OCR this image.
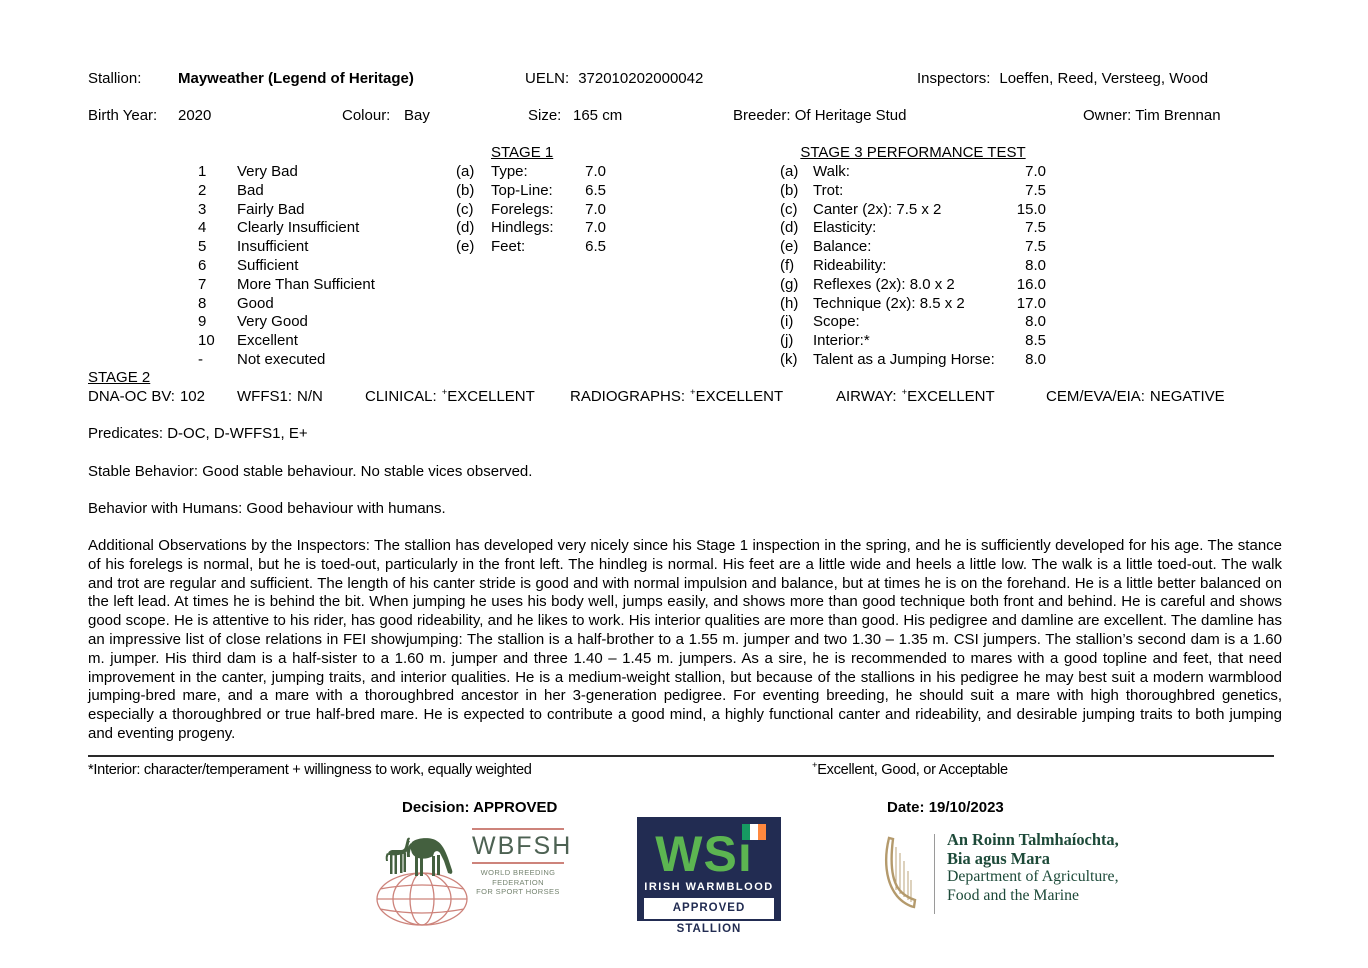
Stallion: Mayweather (Legend of Heritage)	UELN: 372010202000042	Inspectors: Loeffen, Reed, Versteeg, Wood
Birth Year: 2020	Colour: Bay	Size: 165 cm	Breeder: Of Heritage Stud	Owner: Tim Brennan
1	Very Bad
2	Bad
3	Fairly Bad
4	Clearly Insufficient
5	Insufficient
6	Sufficient
7	More Than Sufficient
8	Good
9	Very Good
10	Excellent
-	Not executed
STAGE 1
(a)	Type:	7.0
(b)	Top-Line:	6.5
(c)	Forelegs:	7.0
(d)	Hindlegs:	7.0
(e)	Feet:	6.5
STAGE 3 PERFORMANCE TEST
(a) Walk:	7.0
(b) Trot:	7.5
(c)	Canter (2x): 7.5 x 2	15.0
(d) Elasticity:	7.5
(e) Balance:	7.5
(f)	Rideability:	8.0
(g) Reflexes (2x): 8.0 x 2	16.0
(h) Technique (2x): 8.5 x 2	17.0
(i)	Scope:	8.0
(j)	Interior:*	8.5
(k)	Talent as a Jumping Horse:	8.0
STAGE 2
DNA-OC BV: 102 WFFS1: N/N	CLINICAL: +EXCELLENT RADIOGRAPHS: +EXCELLENT	AIRWAY: +EXCELLENT	CEM/EVA/EIA: NEGATIVE
Predicates: D-OC, D-WFFS1, E+
Stable Behavior: Good stable behaviour. No stable vices observed.
Behavior with Humans: Good behaviour with humans.
Additional Observations by the Inspectors: The stallion has developed very nicely since his Stage 1 inspection in the spring, and he is sufficiently developed for his age. The stance of his forelegs is normal, but he is toed-out, particularly in the front left. The hindleg is normal. His feet are a little wide and heels a little low. The walk is a little toed-out. The walk and trot are regular and sufficient. The length of his canter stride is good and with normal impulsion and balance, but at times he is on the forehand. He is a little better balanced on the left lead. At times he is behind the bit. When jumping he uses his body well, jumps easily, and shows more than good technique both front and behind. He is careful and shows good scope. He is attentive to his rider, has good rideability, and he likes to work. His interior qualities are more than good. His pedigree and damline are excellent. The damline has an impressive list of close relations in FEI showjumping: The stallion is a half-brother to a 1.55 m. jumper and two 1.30 – 1.35 m. CSI jumpers. The stallion’s second dam is a 1.60 m. jumper. His third dam is a half-sister to a 1.60 m. jumper and three 1.40 – 1.45 m. jumpers. As a sire, he is recommended to mares with a good topline and feet, that need improvement in the canter, jumping traits, and interior qualities. He is a medium-weight stallion, but because of the stallions in his pedigree he may best suit a modern warmblood jumping-bred mare, and a mare with a thoroughbred ancestor in her 3-generation pedigree. For eventing breeding, he should suit a mare with high thoroughbred genetics, especially a thoroughbred or true half-bred mare. He is expected to contribute a good mind, a highly functional canter and rideability, and desirable jumping traits to both jumping and eventing progeny.
*Interior: character/temperament + willingness to work, equally weighted	+Excellent, Good, or Acceptable
Decision: APPROVED	Date: 19/10/2023
WBFSH
WORLD BREEDING FEDERATION
FOR SPORT HORSES
WSı
IRISH WARMBLOOD
APPROVED STALLION
An Roinn Talmhaíochta,
Bia agus Mara
Department of Agriculture,
Food and the Marine
